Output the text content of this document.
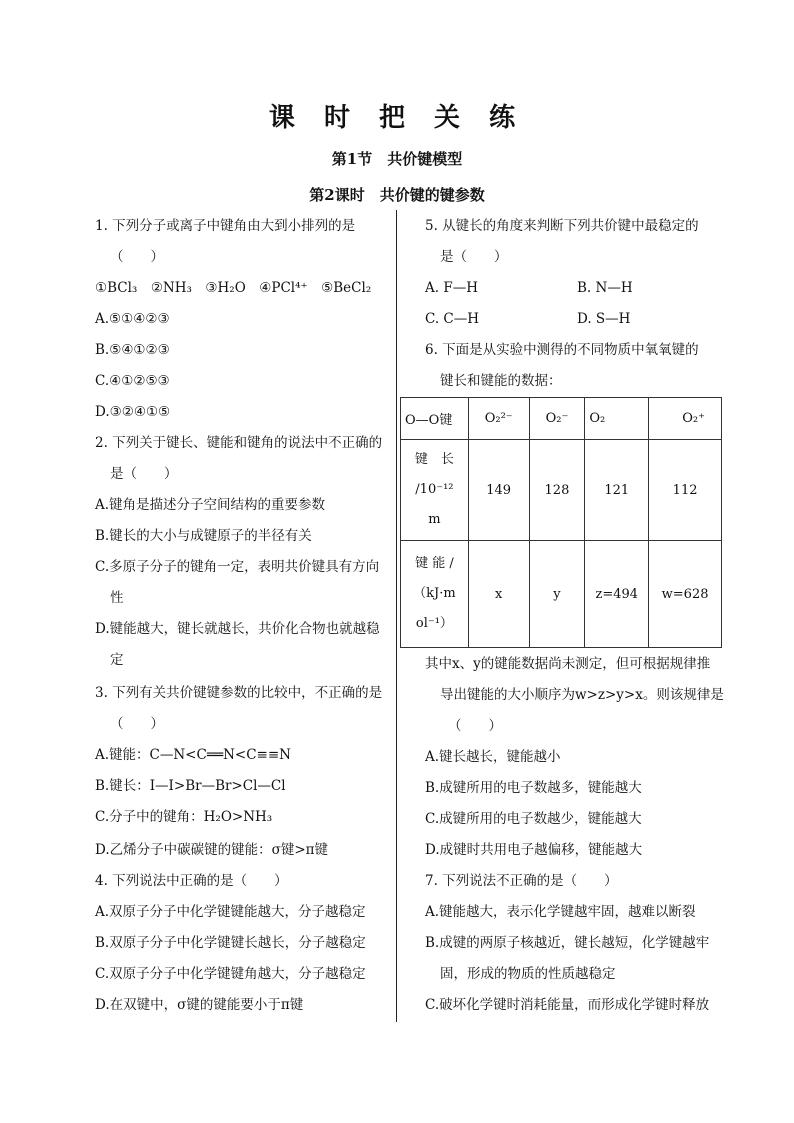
课 时 把 关 练
第1节　共价键模型
第2课时　共价键的键参数
1. 下列分子或离子中键角由大到小排列的是
（　　）
①BCl₃　②NH₃　③H₂O　④PCl⁴⁺　⑤BeCl₂
A.⑤①④②③
B.⑤④①②③
C.④①②⑤③
D.③②④①⑤
2. 下列关于键长、键能和键角的说法中不正确的
是（　　）
A.键角是描述分子空间结构的重要参数
B.键长的大小与成键原子的半径有关
C.多原子分子的键角一定，表明共价键具有方向
性
D.键能越大，键长就越长，共价化合物也就越稳
定
3. 下列有关共价键键参数的比较中，不正确的是
（　　）
A.键能：C—N<C══N<C≡≡N
B.键长：I—I>Br—Br>Cl—Cl
C.分子中的键角：H₂O>NH₃
D.乙烯分子中碳碳键的键能：σ键>π键
4. 下列说法中正确的是（　　）
A.双原子分子中化学键键能越大，分子越稳定
B.双原子分子中化学键键长越长，分子越稳定
C.双原子分子中化学键键角越大，分子越稳定
D.在双键中，σ键的键能要小于π键
5. 从键长的角度来判断下列共价键中最稳定的
是（　　）
A. F—H	B. N—H
C. C—H	D. S—H
6. 下面是从实验中测得的不同物质中氧氧键的
键长和键能的数据：
O—O键	O₂²⁻	O₂⁻	O₂	O₂⁺

键　长
/10⁻¹²
m	149	128	121	112

键 能 /
（kJ·m
ol⁻¹）	x	y	z=494	w=628
其中x、y的键能数据尚未测定，但可根据规律推
导出键能的大小顺序为w>z>y>x。则该规律是
（　　）
A.键长越长，键能越小
B.成键所用的电子数越多，键能越大
C.成键所用的电子数越少，键能越大
D.成键时共用电子越偏移，键能越大
7. 下列说法不正确的是（　　）
A.键能越大，表示化学键越牢固，越难以断裂
B.成键的两原子核越近，键长越短，化学键越牢
固，形成的物质的性质越稳定
C.破坏化学键时消耗能量，而形成化学键时释放
